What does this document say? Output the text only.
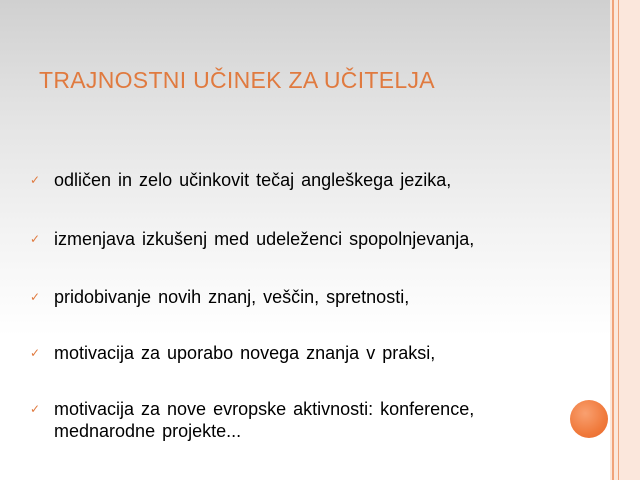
TRAJNOSTNI UČINEK ZA UČITELJA
✓ odličen in zelo učinkovit tečaj angleškega jezika,
✓ izmenjava izkušenj med udeleženci spopolnjevanja,
✓ pridobivanje novih znanj, veščin, spretnosti,
✓ motivacija za uporabo novega znanja v praksi,
✓ motivacija za nove evropske aktivnosti: konference,
mednarodne projekte...
